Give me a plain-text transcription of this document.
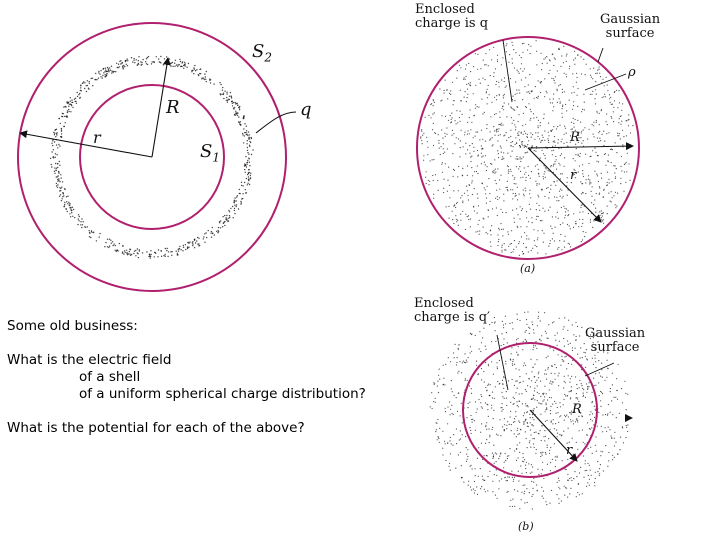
$S_2$
$S_1$
R
r
q
Enclosed
charge is q	Gaussian
surface
ρ
R
r
(a)
Enclosed
charge is q′
Gaussian
surface
R
r
(b)
Some old business:
What is the electric field
of a shell
of a uniform spherical charge distribution?
What is the potential for each of the above?
